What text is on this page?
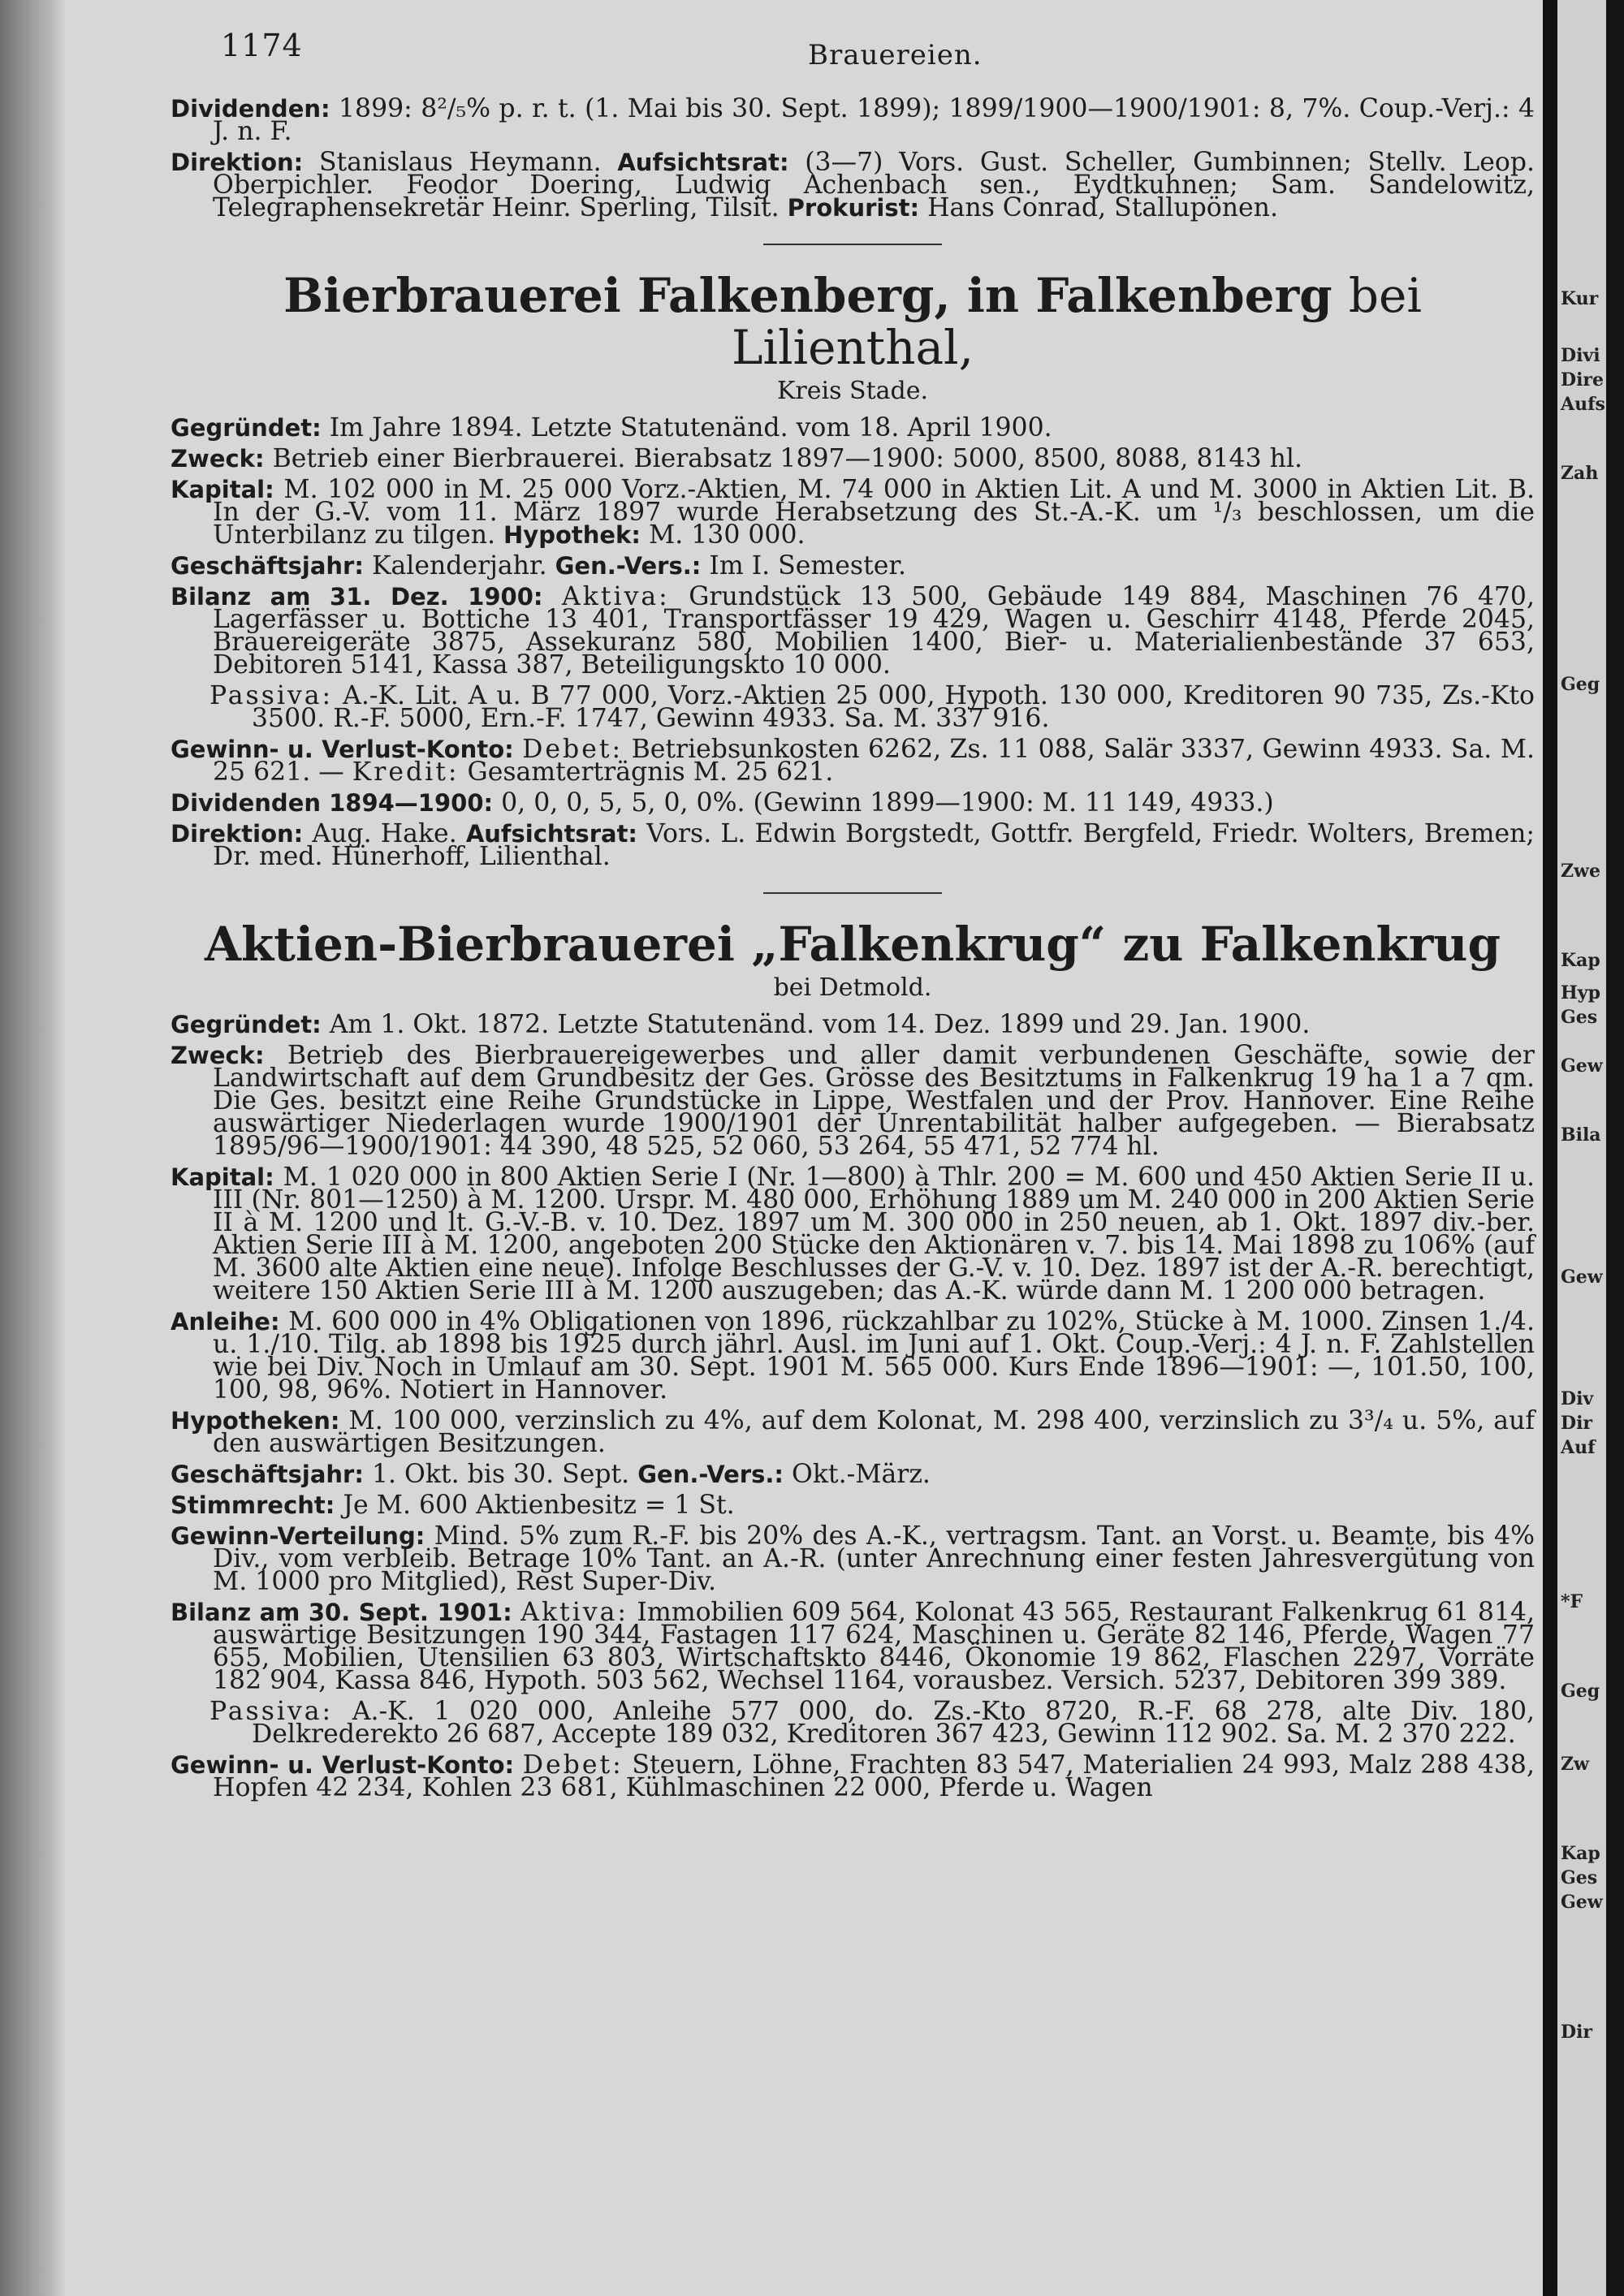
Kur
Divi
Dire
Aufs
Zah
Geg
Zwe
Kap
Hyp
Ges
Gew
Bila
Gew
Div
Dir
Auf
*F
Geg
Zw
Kap
Ges
Gew
Dir
1174	Brauereien.

Dividenden: 1899: 8²/₅% p. r. t. (1. Mai bis 30. Sept. 1899); 1899/1900—1900/1901: 8, 7%. Coup.-Verj.: 4 J. n. F.

Direktion: Stanislaus Heymann. Aufsichtsrat: (3—7) Vors. Gust. Scheller, Gumbinnen; Stellv. Leop. Oberpichler. Feodor Doering, Ludwig Achenbach sen., Eydtkuhnen; Sam. Sandelowitz, Telegraphensekretär Heinr. Sperling, Tilsit. Prokurist: Hans Conrad, Stallupönen.

Bierbrauerei Falkenberg, in Falkenberg bei Lilienthal,
Kreis Stade.

Gegründet: Im Jahre 1894. Letzte Statutenänd. vom 18. April 1900.

Zweck: Betrieb einer Bierbrauerei. Bierabsatz 1897—1900: 5000, 8500, 8088, 8143 hl.

Kapital: M. 102 000 in M. 25 000 Vorz.-Aktien, M. 74 000 in Aktien Lit. A und M. 3000 in Aktien Lit. B. In der G.-V. vom 11. März 1897 wurde Herabsetzung des St.-A.-K. um ¹/₃ beschlossen, um die Unterbilanz zu tilgen. Hypothek: M. 130 000.

Geschäftsjahr: Kalenderjahr. Gen.-Vers.: Im I. Semester.

Bilanz am 31. Dez. 1900: Aktiva: Grundstück 13 500, Gebäude 149 884, Maschinen 76 470, Lagerfässer u. Bottiche 13 401, Transportfässer 19 429, Wagen u. Geschirr 4148, Pferde 2045, Brauereigeräte 3875, Assekuranz 580, Mobilien 1400, Bier- u. Materialienbestände 37 653, Debitoren 5141, Kassa 387, Beteiligungskto 10 000.

Passiva: A.-K. Lit. A u. B 77 000, Vorz.-Aktien 25 000, Hypoth. 130 000, Kreditoren 90 735, Zs.-Kto 3500. R.-F. 5000, Ern.-F. 1747, Gewinn 4933. Sa. M. 337 916.

Gewinn- u. Verlust-Konto: Debet: Betriebsunkosten 6262, Zs. 11 088, Salär 3337, Gewinn 4933. Sa. M. 25 621. — Kredit: Gesamterträgnis M. 25 621.

Dividenden 1894—1900: 0, 0, 0, 5, 5, 0, 0%. (Gewinn 1899—1900: M. 11 149, 4933.)

Direktion: Aug. Hake. Aufsichtsrat: Vors. L. Edwin Borgstedt, Gottfr. Bergfeld, Friedr. Wolters, Bremen; Dr. med. Hünerhoff, Lilienthal.

Aktien-Bierbrauerei „Falkenkrug“ zu Falkenkrug
bei Detmold.

Gegründet: Am 1. Okt. 1872. Letzte Statutenänd. vom 14. Dez. 1899 und 29. Jan. 1900.

Zweck: Betrieb des Bierbrauereigewerbes und aller damit verbundenen Geschäfte, sowie der Landwirtschaft auf dem Grundbesitz der Ges. Grösse des Besitztums in Falkenkrug 19 ha 1 a 7 qm. Die Ges. besitzt eine Reihe Grundstücke in Lippe, Westfalen und der Prov. Hannover. Eine Reihe auswärtiger Niederlagen wurde 1900/1901 der Unrentabilität halber aufgegeben. — Bierabsatz 1895/96—1900/1901: 44 390, 48 525, 52 060, 53 264, 55 471, 52 774 hl.

Kapital: M. 1 020 000 in 800 Aktien Serie I (Nr. 1—800) à Thlr. 200 = M. 600 und 450 Aktien Serie II u. III (Nr. 801—1250) à M. 1200. Urspr. M. 480 000, Erhöhung 1889 um M. 240 000 in 200 Aktien Serie II à M. 1200 und lt. G.-V.-B. v. 10. Dez. 1897 um M. 300 000 in 250 neuen, ab 1. Okt. 1897 div.-ber. Aktien Serie III à M. 1200, angeboten 200 Stücke den Aktionären v. 7. bis 14. Mai 1898 zu 106% (auf M. 3600 alte Aktien eine neue). Infolge Beschlusses der G.-V. v. 10. Dez. 1897 ist der A.-R. berechtigt, weitere 150 Aktien Serie III à M. 1200 auszugeben; das A.-K. würde dann M. 1 200 000 betragen.

Anleihe: M. 600 000 in 4% Obligationen von 1896, rückzahlbar zu 102%, Stücke à M. 1000. Zinsen 1./4. u. 1./10. Tilg. ab 1898 bis 1925 durch jährl. Ausl. im Juni auf 1. Okt. Coup.-Verj.: 4 J. n. F. Zahlstellen wie bei Div. Noch in Umlauf am 30. Sept. 1901 M. 565 000. Kurs Ende 1896—1901: —, 101.50, 100, 100, 98, 96%. Notiert in Hannover.

Hypotheken: M. 100 000, verzinslich zu 4%, auf dem Kolonat, M. 298 400, verzinslich zu 3³/₄ u. 5%, auf den auswärtigen Besitzungen.

Geschäftsjahr: 1. Okt. bis 30. Sept. Gen.-Vers.: Okt.-März.

Stimmrecht: Je M. 600 Aktienbesitz = 1 St.

Gewinn-Verteilung: Mind. 5% zum R.-F. bis 20% des A.-K., vertragsm. Tant. an Vorst. u. Beamte, bis 4% Div., vom verbleib. Betrage 10% Tant. an A.-R. (unter Anrechnung einer festen Jahresvergütung von M. 1000 pro Mitglied), Rest Super-Div.

Bilanz am 30. Sept. 1901: Aktiva: Immobilien 609 564, Kolonat 43 565, Restaurant Falkenkrug 61 814, auswärtige Besitzungen 190 344, Fastagen 117 624, Maschinen u. Geräte 82 146, Pferde, Wagen 77 655, Mobilien, Utensilien 63 803, Wirtschaftskto 8446, Ökonomie 19 862, Flaschen 2297, Vorräte 182 904, Kassa 846, Hypoth. 503 562, Wechsel 1164, vorausbez. Versich. 5237, Debitoren 399 389.

Passiva: A.-K. 1 020 000, Anleihe 577 000, do. Zs.-Kto 8720, R.-F. 68 278, alte Div. 180, Delkrederekto 26 687, Accepte 189 032, Kreditoren 367 423, Gewinn 112 902. Sa. M. 2 370 222.

Gewinn- u. Verlust-Konto: Debet: Steuern, Löhne, Frachten 83 547, Materialien 24 993, Malz 288 438, Hopfen 42 234, Kohlen 23 681, Kühlmaschinen 22 000, Pferde u. Wagen
